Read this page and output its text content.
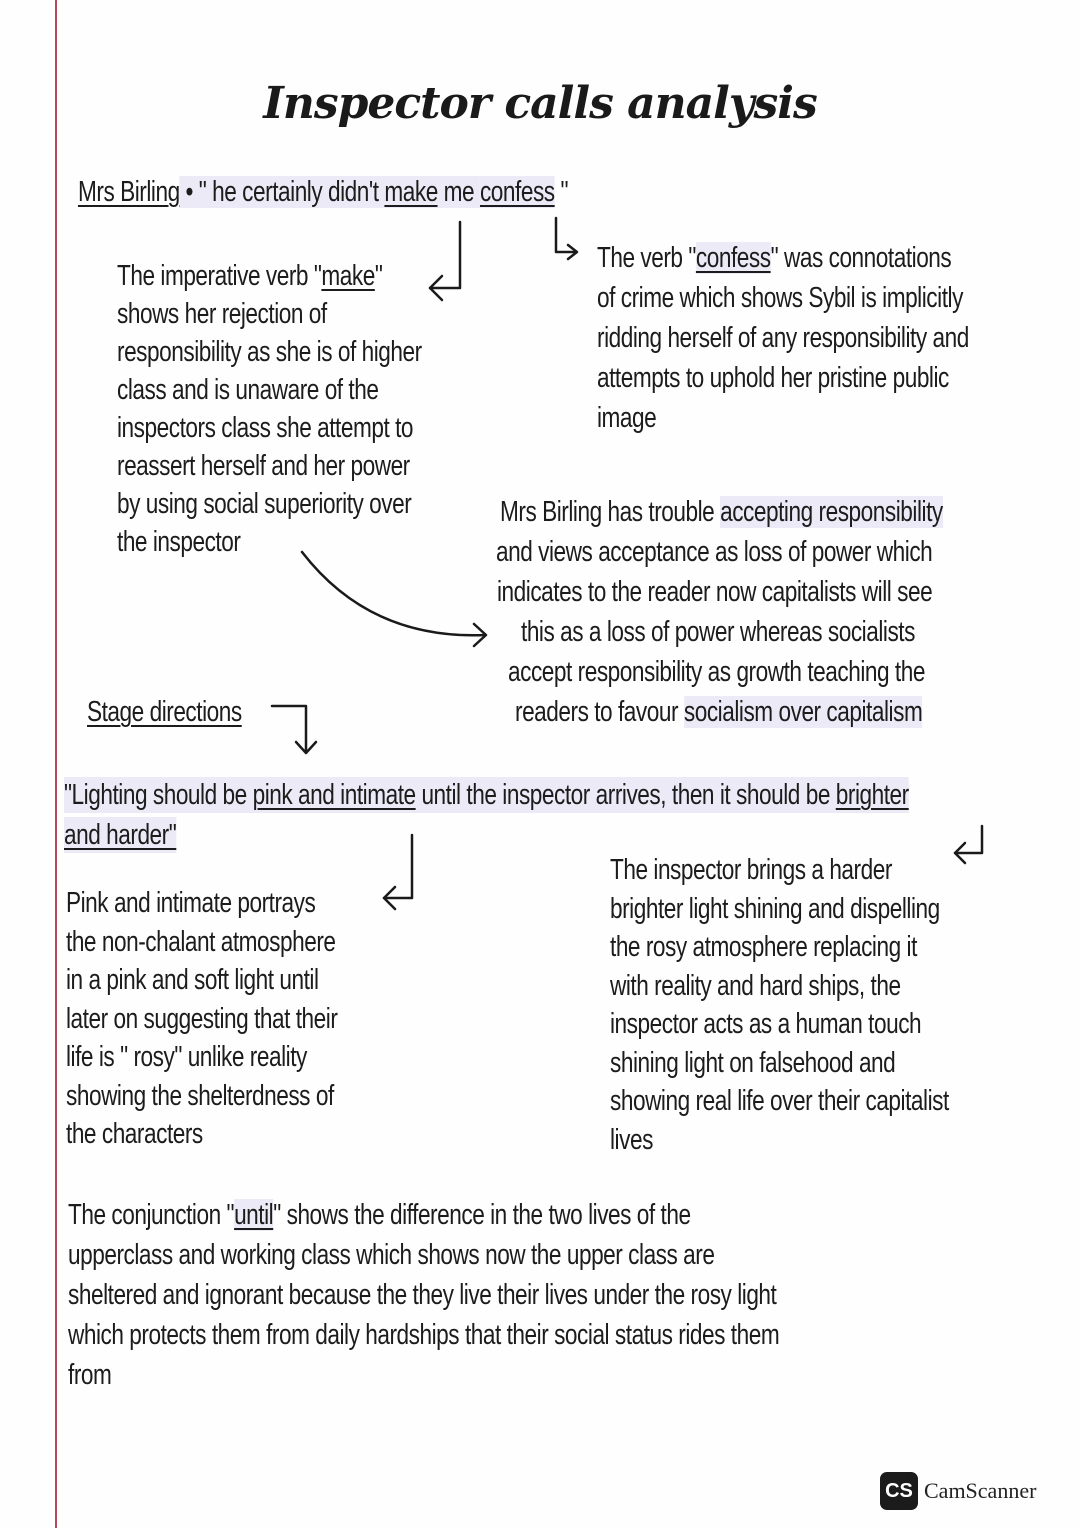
Inspector calls analysis
Mrs Birling • " he certainly didn't make me confess "
The imperative verb "make"
shows her rejection of
responsibility as she is of higher
class and is unaware of the
inspectors class she attempt to
reassert herself and her power
by using social superiority over
the inspector
The verb "confess" was connotations
of crime which shows Sybil is implicitly
ridding herself of any responsibility and
attempts to uphold her pristine public
image
Mrs Birling has trouble accepting responsibility
and views acceptance as loss of power which
indicates to the reader now capitalists will see
this as a loss of power whereas socialists
accept responsibility as growth teaching the
readers to favour socialism over capitalism
Stage directions
"Lighting should be pink and intimate until the inspector arrives, then it should be brighter
and harder"
Pink and intimate portrays
the non-chalant atmosphere
in a pink and soft light until
later on suggesting that their
life is " rosy" unlike reality
showing the shelterdness of
the characters
The inspector brings a harder
brighter light shining and dispelling
the rosy atmosphere replacing it
with reality and hard ships, the
inspector acts as a human touch
shining light on falsehood and
showing real life over their capitalist
lives
The conjunction "until" shows the difference in the two lives of the
upperclass and working class which shows now the upper class are
sheltered and ignorant because the they live their lives under the rosy light
which protects them from daily hardships that their social status rides them
from
CS CamScanner
